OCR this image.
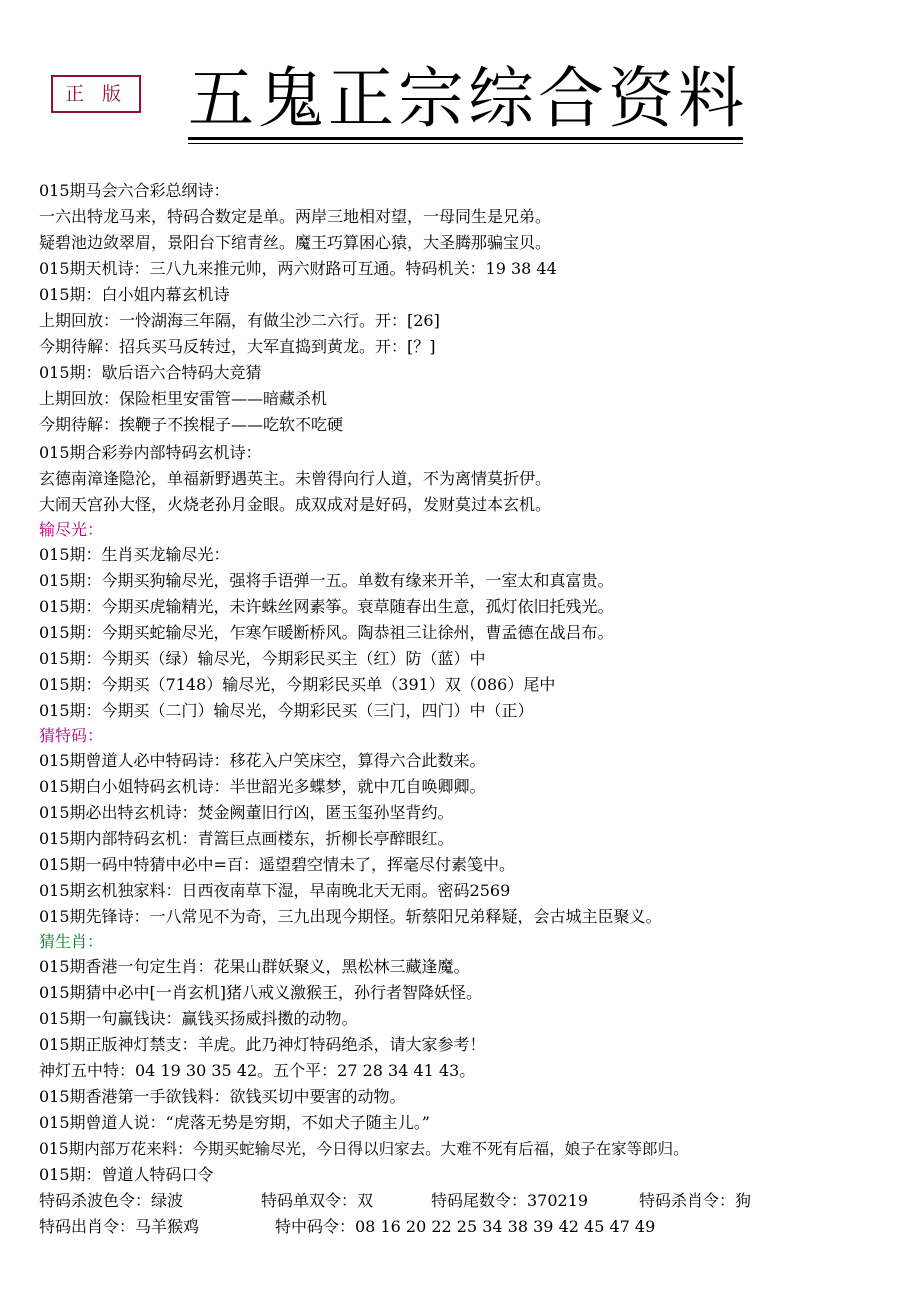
正 版 五鬼正宗综合资料
015期马会六合彩总纲诗：
一六出特龙马来，特码合数定是单。两岸三地相对望，一母同生是兄弟。
疑碧池边敛翠眉，景阳台下绾青丝。魔王巧算困心猿，大圣腾那骗宝贝。
015期天机诗：三八九来推元帅，两六财路可互通。特码机关：19 38 44
015期：白小姐内幕玄机诗
上期回放：一怜湖海三年隔，有做尘沙二六行。开：[26]
今期待解：招兵买马反转过，大军直捣到黄龙。开：[？]
015期：歇后语六合特码大竞猜
上期回放：保险柜里安雷管——暗藏杀机
今期待解：挨鞭子不挨棍子——吃软不吃硬
015期合彩券内部特码玄机诗：
玄德南漳逢隐沦，单福新野遇英主。未曾得向行人道，不为离情莫折伊。
大闹天宫孙大怪，火烧老孙月金眼。成双成对是好码，发财莫过本玄机。
输尽光：
015期：生肖买龙输尽光：
015期：今期买狗输尽光，强将手语弹一五。单数有缘来开羊，一室太和真富贵。
015期：今期买虎输精光，未许蛛丝网素筝。衰草随春出生意，孤灯依旧托残光。
015期：今期买蛇输尽光，乍寒乍暖断桥风。陶恭祖三让徐州，曹孟德在战吕布。
015期：今期买（绿）输尽光，今期彩民买主（红）防（蓝）中
015期：今期买（7148）输尽光，今期彩民买单（391）双（086）尾中
015期：今期买（二门）输尽光，今期彩民买（三门，四门）中（正）
猜特码：
015期曾道人必中特码诗：移花入户笑床空，算得六合此数来。
015期白小姐特码玄机诗：半世韶光多蝶梦，就中兀自唤卿卿。
015期必出特玄机诗：焚金阙董旧行凶，匿玉玺孙坚背约。
015期内部特码玄机：青篙巨点画楼东，折柳长亭醉眼红。
015期一码中特猜中必中=百：遥望碧空情未了，挥毫尽付素笺中。
015期玄机独家料：日西夜南草下湿，早南晚北天无雨。密码2569
015期先锋诗：一八常见不为奇，三九出现今期怪。斩蔡阳兄弟释疑，会古城主臣聚义。
猜生肖：
015期香港一句定生肖：花果山群妖聚义，黑松林三藏逢魔。
015期猜中必中[一肖玄机]猪八戒义激猴王，孙行者智降妖怪。
015期一句赢钱诀：赢钱买扬威抖擞的动物。
015期正版神灯禁支：羊虎。此乃神灯特码绝杀，请大家参考！
神灯五中特：04 19 30 35 42。五个平：27 28 34 41 43。
015期香港第一手欲钱料：欲钱买切中要害的动物。
015期曾道人说：“虎落无势是穷期，不如犬子随主儿。”
015期内部万花来料：今期买蛇输尽光，今日得以归家去。大难不死有后福，娘子在家等郎归。
015期：曾道人特码口令
特码杀波色令：绿波	特码单双令：双	特码尾数令：370219	特码杀肖令：狗
特码出肖令：马羊猴鸡	特中码令：08 16 20 22 25 34 38 39 42 45 47 49
